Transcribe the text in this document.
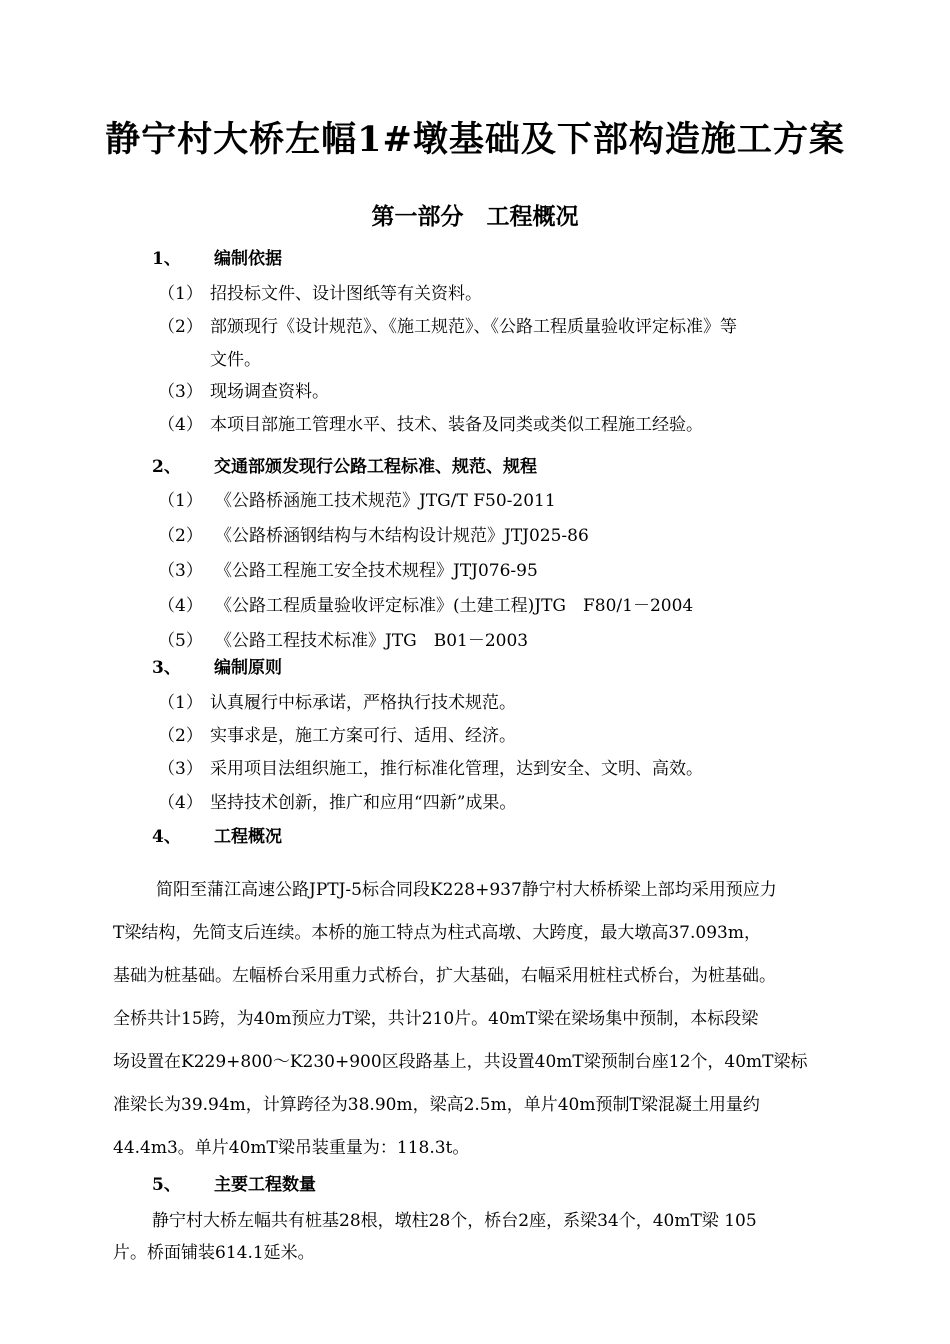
静宁村大桥左幅1#墩基础及下部构造施工方案
第一部分　工程概况
1、 编制依据
（1） 招投标文件、设计图纸等有关资料。
（2） 部颁现行《设计规范》、《施工规范》、《公路工程质量验收评定标准》等
文件。
（3） 现场调查资料。
（4） 本项目部施工管理水平、技术、装备及同类或类似工程施工经验。
2、 交通部颁发现行公路工程标准、规范、规程
（1） 《公路桥涵施工技术规范》JTG/T F50-2011
（2） 《公路桥涵钢结构与木结构设计规范》JTJ025-86
（3） 《公路工程施工安全技术规程》JTJ076-95
（4） 《公路工程质量验收评定标准》(土建工程)JTG　F80/1－2004
（5） 《公路工程技术标准》JTG　B01－2003
3、 编制原则
（1） 认真履行中标承诺，严格执行技术规范。
（2） 实事求是，施工方案可行、适用、经济。
（3） 采用项目法组织施工，推行标准化管理，达到安全、文明、高效。
（4） 坚持技术创新，推广和应用“四新”成果。
4、 工程概况
　简阳至蒲江高速公路JPTJ-5标合同段K228+937静宁村大桥桥梁上部均采用预应力
T梁结构，先简支后连续。本桥的施工特点为柱式高墩、大跨度，最大墩高37.093m，
基础为桩基础。左幅桥台采用重力式桥台，扩大基础，右幅采用桩柱式桥台，为桩基础。
全桥共计15跨，为40m预应力T梁，共计210片。40mT梁在梁场集中预制，本标段梁
场设置在K229+800～K230+900区段路基上，共设置40mT梁预制台座12个，40mT梁标
准梁长为39.94m，计算跨径为38.90m，梁高2.5m，单片40m预制T梁混凝土用量约
44.4m3。单片40mT梁吊装重量为：118.3t。
5、 主要工程数量
　静宁村大桥左幅共有桩基28根，墩柱28个，桥台2座，系梁34个，40mT梁 105
片。桥面铺装614.1延米。
